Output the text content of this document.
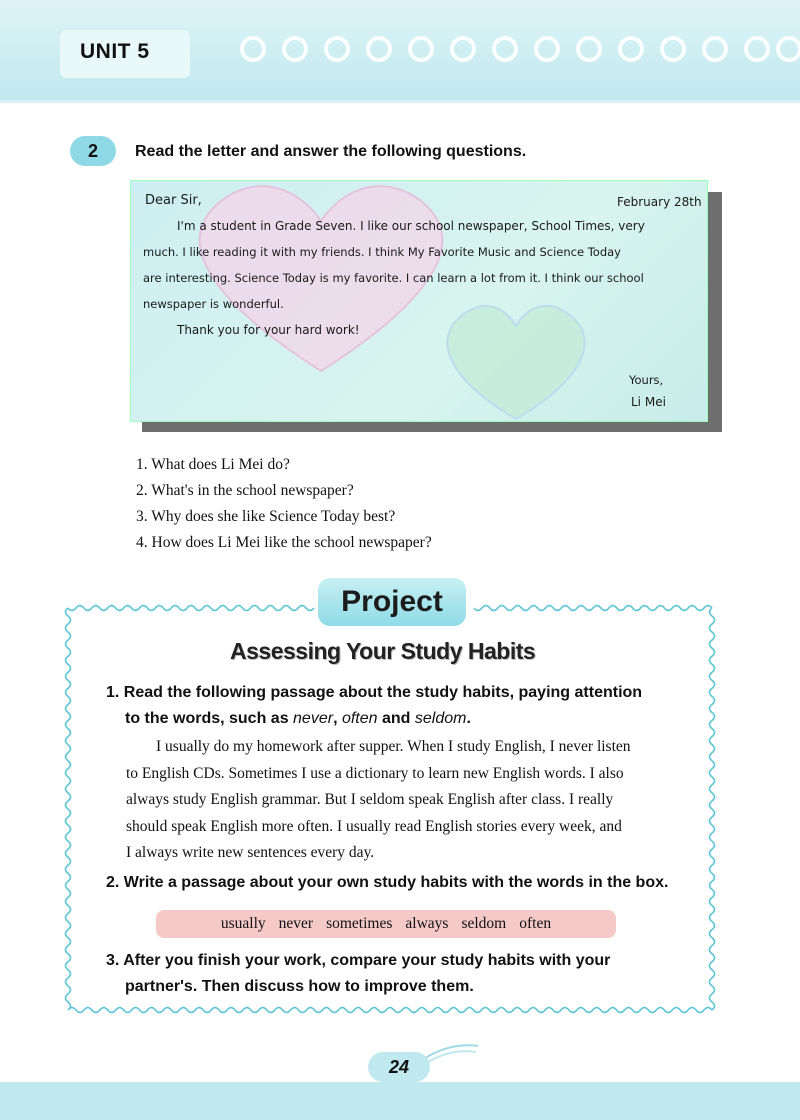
UNIT 5
2	Read the letter and answer the following questions.
Dear Sir,	February 28th
I'm a student in Grade Seven. I like our school newspaper, School Times, very
much. I like reading it with my friends. I think My Favorite Music and Science Today
are interesting. Science Today is my favorite. I can learn a lot from it. I think our school
newspaper is wonderful.
Thank you for your hard work!
Yours,
Li Mei
1. What does Li Mei do?
2. What's in the school newspaper?
3. Why does she like Science Today best?
4. How does Li Mei like the school newspaper?
Project
Assessing Your Study Habits
1. Read the following passage about the study habits, paying attention
to the words, such as never, often and seldom.
I usually do my homework after supper. When I study English, I never listen
to English CDs. Sometimes I use a dictionary to learn new English words. I also
always study English grammar. But I seldom speak English after class. I really
should speak English more often. I usually read English stories every week, and
I always write new sentences every day.
2. Write a passage about your own study habits with the words in the box.
usually never sometimes always seldom often
3. After you finish your work, compare your study habits with your
partner's. Then discuss how to improve them.
24
